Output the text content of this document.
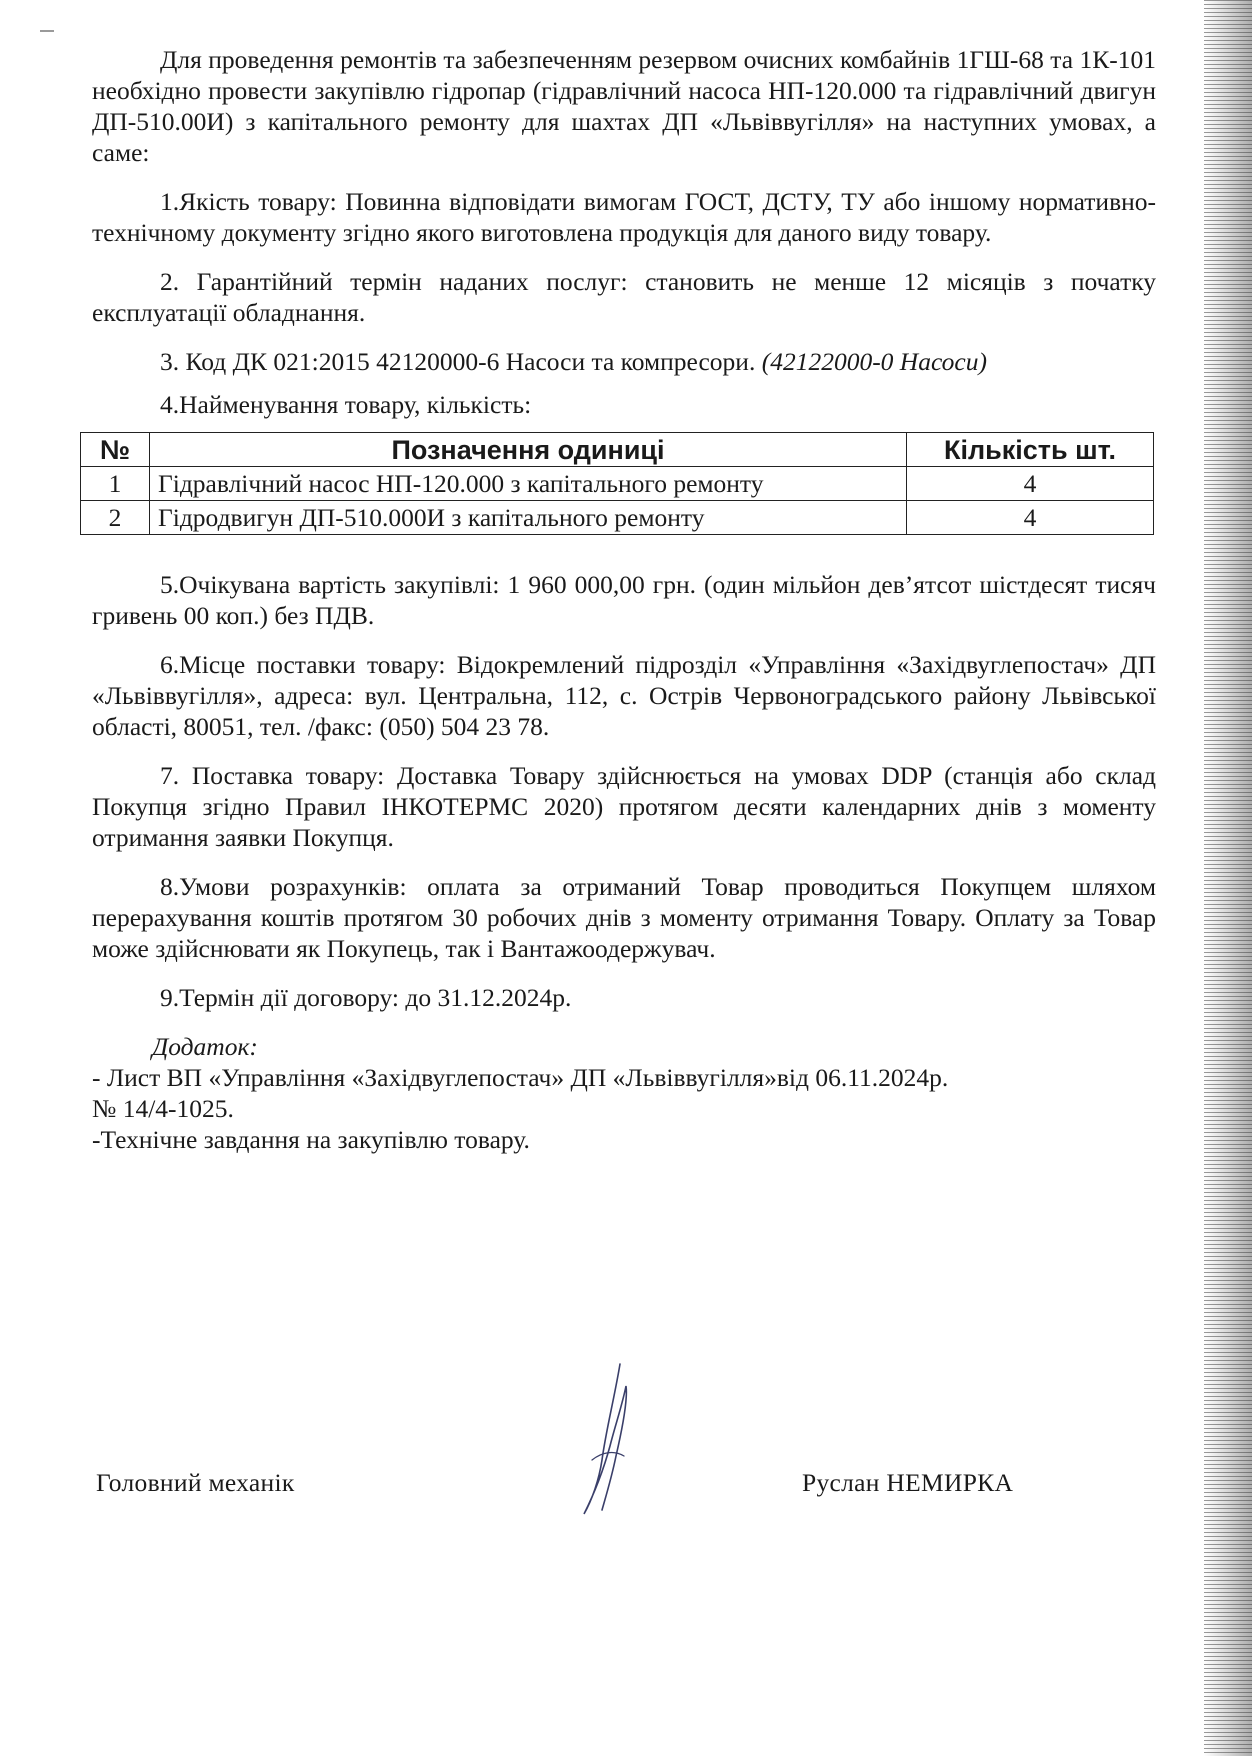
Для проведення ремонтів та забезпеченням резервом очисних комбайнів 1ГШ-68 та 1К-101 необхідно провести закупівлю гідропар (гідравлічний насоса НП-120.000 та гідравлічний двигун ДП-510.00И) з капітального ремонту для шахтах ДП «Львіввугілля» на наступних умовах, а саме:

1.Якість товару: Повинна відповідати вимогам ГОСТ, ДСТУ, ТУ або іншому нормативно-технічному документу згідно якого виготовлена продукція для даного виду товару.

2. Гарантійний термін наданих послуг: становить не менше 12 місяців з початку експлуатації обладнання.

3. Код ДК 021:2015 42120000-6 Насоси та компресори. (42122000-0 Насоси)

4.Найменування товару, кількість:

№	Позначення одиниці	Кількість шт.
1	Гідравлічний насос НП-120.000 з капітального ремонту	4
2	Гідродвигун ДП-510.000И з капітального ремонту	4

5.Очікувана вартість закупівлі: 1 960 000,00 грн. (один мільйон дев’ятсот шістдесят тисяч гривень 00 коп.) без ПДВ.

6.Місце поставки товару: Відокремлений підрозділ «Управління «Західвуглепостач» ДП «Львіввугілля», адреса: вул. Центральна, 112, с. Острів Червоноградського району Львівської області, 80051, тел. /факс: (050) 504 23 78.

7. Поставка товару: Доставка Товару здійснюється на умовах DDP (станція або склад Покупця згідно Правил ІНКОТЕРМС 2020) протягом десяти календарних днів з моменту отримання заявки Покупця.

8.Умови розрахунків: оплата за отриманий Товар проводиться Покупцем шляхом перерахування коштів протягом 30 робочих днів з моменту отримання Товару. Оплату за Товар може здійснювати як Покупець, так і Вантажоодержувач.

9.Термін дії договору: до 31.12.2024р.

Додаток:

- Лист ВП «Управління «Західвуглепостач» ДП «Львіввугілля»від 06.11.2024р.

№ 14/4-1025.

-Технічне завдання на закупівлю товару.

Головний механік	Руслан НЕМИРКА
